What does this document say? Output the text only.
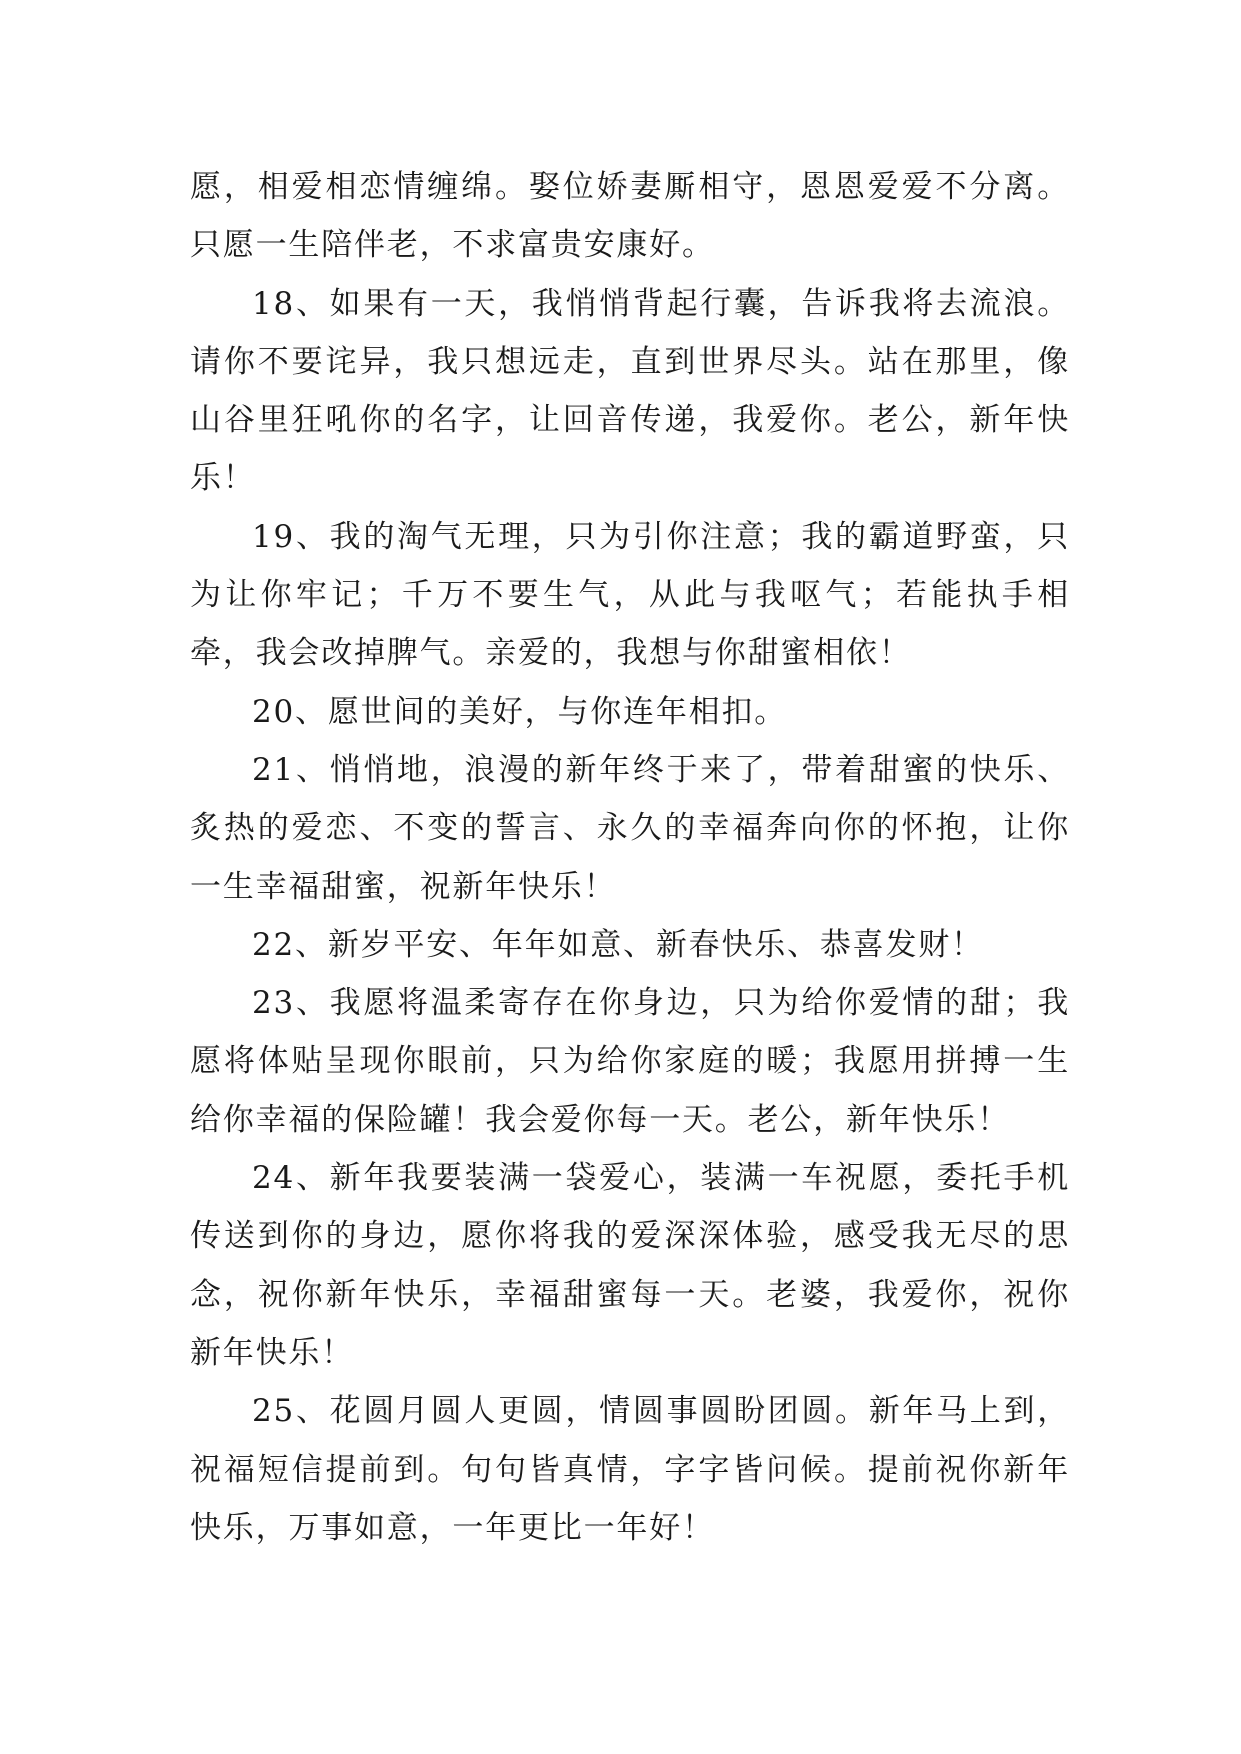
愿，相爱相恋情缠绵。娶位娇妻厮相守，恩恩爱爱不分离。只愿一生陪伴老，不求富贵安康好。

18、如果有一天，我悄悄背起行囊，告诉我将去流浪。请你不要诧异，我只想远走，直到世界尽头。站在那里，像山谷里狂吼你的名字，让回音传递，我爱你。老公，新年快乐！

19、我的淘气无理，只为引你注意；我的霸道野蛮，只为让你牢记；千万不要生气，从此与我呕气；若能执手相牵，我会改掉脾气。亲爱的，我想与你甜蜜相依！

20、愿世间的美好，与你连年相扣。

21、悄悄地，浪漫的新年终于来了，带着甜蜜的快乐、炙热的爱恋、不变的誓言、永久的幸福奔向你的怀抱，让你一生幸福甜蜜，祝新年快乐！

22、新岁平安、年年如意、新春快乐、恭喜发财！

23、我愿将温柔寄存在你身边，只为给你爱情的甜；我愿将体贴呈现你眼前，只为给你家庭的暖；我愿用拼搏一生给你幸福的保险罐！我会爱你每一天。老公，新年快乐！

24、新年我要装满一袋爱心，装满一车祝愿，委托手机传送到你的身边，愿你将我的爱深深体验，感受我无尽的思念，祝你新年快乐，幸福甜蜜每一天。老婆，我爱你，祝你新年快乐！

25、花圆月圆人更圆，情圆事圆盼团圆。新年马上到，祝福短信提前到。句句皆真情，字字皆问候。提前祝你新年快乐，万事如意，一年更比一年好！
